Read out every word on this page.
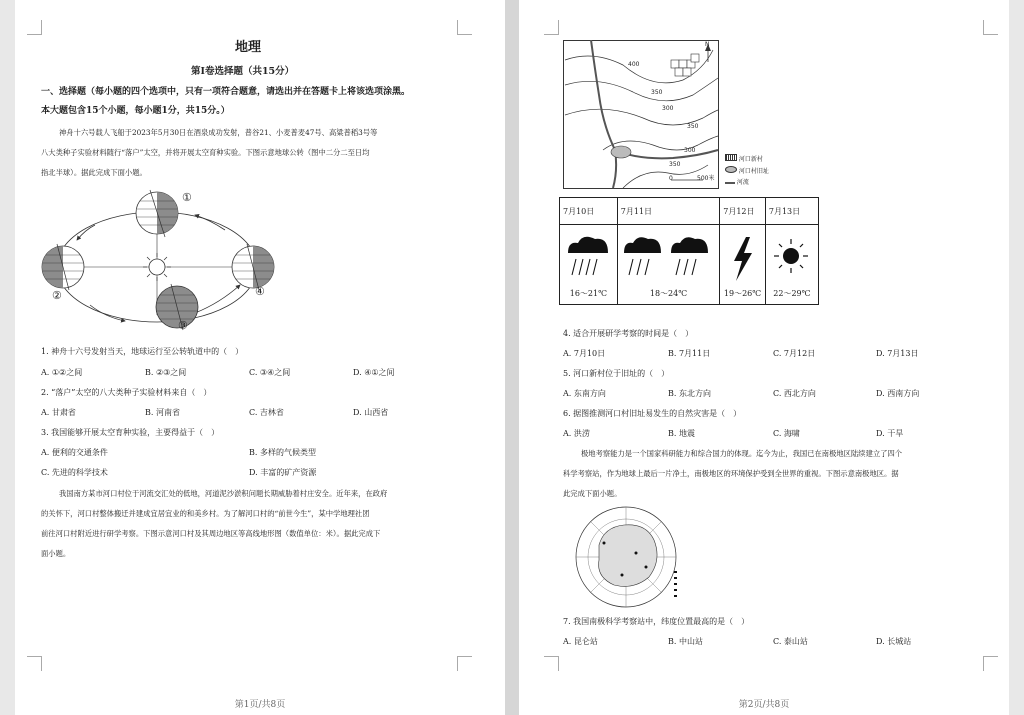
地理
第Ⅰ卷选择题（共15分）
一、选择题（每小题的四个选项中，只有一项符合题意，请选出并在答题卡上将该选项涂黑。
本大题包含15个小题，每小题1分，共15分。）
神舟十六号载人飞船于2023年5月30日在酒泉成功发射，普谷21、小麦普麦47号、高粱普稻3号等
八大类种子实验材料随行“落户”太空，并将开展太空育种实验。下图示意地球公转（图中二分二至日均
指北半球）。据此完成下面小题。
①
②
③
④
1. 神舟十六号发射当天，地球运行至公转轨道中的（　）
A. ①②之间	B. ②③之间	C. ③④之间	D. ④①之间
2. “落户”太空的八大类种子实验材料来自（　）
A. 甘肃省	B. 河南省	C. 吉林省	D. 山西省
3. 我国能够开展太空育种实验，主要得益于（　）
A. 便利的交通条件	B. 多样的气候类型
C. 先进的科学技术	D. 丰富的矿产资源
我国南方某市河口村位于河流交汇处的低地，河道泥沙淤积问题长期威胁着村庄安全。近年来，在政府
的关怀下，河口村整体搬迁并建成宜居宜业的和美乡村。为了解河口村的“前世今生”，某中学地理社团
前往河口村附近进行研学考察。下图示意河口村及其周边地区等高线地形图（数值单位：米）。据此完成下
面小题。
第1页/共8页
400
350
300
350
300
350
N
0	500米
河口新村
河口村旧址
河流
7月10日	7月11日	7月12日	7月13日

16～21℃	18～24℃	19～26℃	22～29℃
4. 适合开展研学考察的时间是（　）
A. 7月10日	B. 7月11日	C. 7月12日	D. 7月13日
5. 河口新村位于旧址的（　）
A. 东南方向	B. 东北方向	C. 西北方向	D. 西南方向
6. 据图推测河口村旧址易发生的自然灾害是（　）
A. 洪涝	B. 地震	C. 海啸	D. 干旱
极地考察能力是一个国家科研能力和综合国力的体现。迄今为止，我国已在南极地区陆续建立了四个
科学考察站，作为地球上最后一片净土，南极地区的环境保护受到全世界的重视。下图示意南极地区。据
此完成下面小题。
7. 我国南极科学考察站中，纬度位置最高的是（　）
A. 昆仑站	B. 中山站	C. 泰山站	D. 长城站
第2页/共8页
